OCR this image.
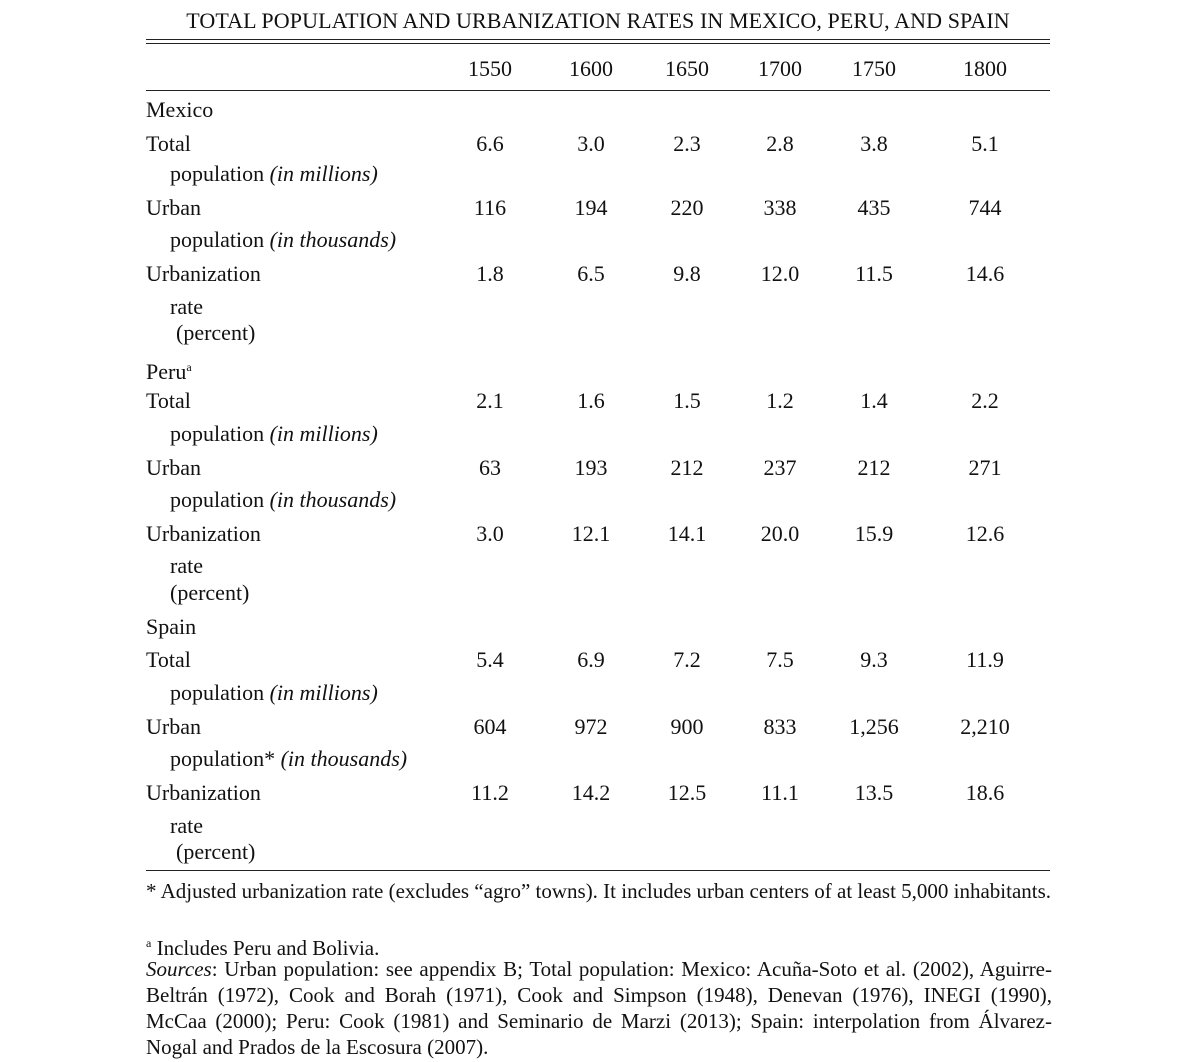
TOTAL POPULATION AND URBANIZATION RATES IN MEXICO, PERU, AND SPAIN
1550	1600	1650	1700	1750	1800
Mexico
Total
population (in millions)
6.6	3.0	2.3	2.8	3.8	5.1
Urban
population (in thousands)
116	194	220	338	435	744
Urbanization
rate
(percent)
1.8	6.5	9.8	12.0	11.5	14.6
Peru$^a$
Total
population (in millions)
2.1	1.6	1.5	1.2	1.4	2.2
Urban
population (in thousands)
63	193	212	237	212	271
Urbanization
rate
(percent)
3.0	12.1	14.1	20.0	15.9	12.6
Spain
Total
population (in millions)
5.4	6.9	7.2	7.5	9.3	11.9
Urban
population* (in thousands)
604	972	900	833	1,256	2,210
Urbanization
rate
(percent)
11.2	14.2	12.5	11.1	13.5	18.6
* Adjusted urbanization rate (excludes “agro” towns). It includes urban centers of at least 5,000 inhabitants.
$^a$ Includes Peru and Bolivia.
Sources: Urban population: see appendix B; Total population: Mexico: Acuña-Soto et al. (2002), Aguirre-Beltrán (1972), Cook and Borah (1971), Cook and Simpson (1948), Denevan (1976), INEGI (1990), McCaa (2000); Peru: Cook (1981) and Seminario de Marzi (2013); Spain: interpolation from Álvarez-Nogal and Prados de la Escosura (2007).
